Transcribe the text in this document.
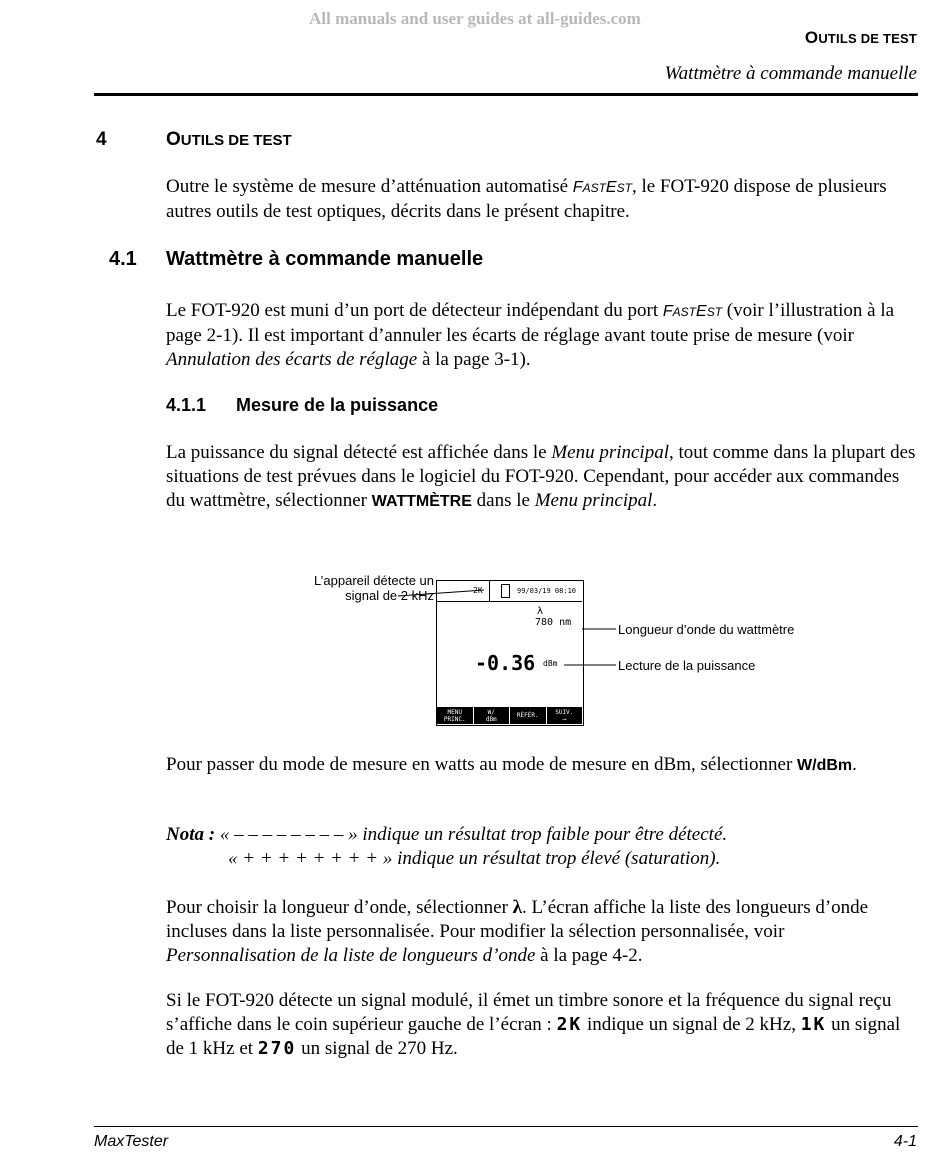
All manuals and user guides at all-guides.com
OUTILS DE TEST
Wattmètre à commande manuelle
4	OUTILS DE TEST
Outre le système de mesure d’atténuation automatisé FASTEST, le FOT-920 dispose de plusieurs autres outils de test optiques, décrits dans le présent chapitre.
4.1 Wattmètre à commande manuelle
Le FOT-920 est muni d’un port de détecteur indépendant du port FASTEST (voir l’illustration à la page 2-1). Il est important d’annuler les écarts de réglage avant toute prise de mesure (voir Annulation des écarts de réglage à la page 3-1).
4.1.1 Mesure de la puissance
La puissance du signal détecté est affichée dans le Menu principal, tout comme dans la plupart des situations de test prévues dans le logiciel du FOT-920. Cependant, pour accéder aux commandes du wattmètre, sélectionner WATTMÈTRE dans le Menu principal.
L’appareil détecte un
signal de 2 kHz
Longueur d’onde du wattmètre
Lecture de la puissance
2K	99/03/19 08:10
λ
780 nm
-0.36 dBm
MENU
PRINC.
W/
dBm
RÉFÉR.	SUIV.
⟶
Pour passer du mode de mesure en watts au mode de mesure en dBm, sélectionner W/dBm.
Nota : « – – – – – – – – » indique un résultat trop faible pour être détecté.
« + + + + + + + + » indique un résultat trop élevé (saturation).
Pour choisir la longueur d’onde, sélectionner λ. L’écran affiche la liste des longueurs d’onde incluses dans la liste personnalisée. Pour modifier la sélection personnalisée, voir Personnalisation de la liste de longueurs d’onde à la page 4-2.
Si le FOT-920 détecte un signal modulé, il émet un timbre sonore et la fréquence du signal reçu s’affiche dans le coin supérieur gauche de l’écran : 2K indique un signal de 2 kHz, 1K un signal de 1 kHz et 270 un signal de 270 Hz.
MaxTester	4-1
